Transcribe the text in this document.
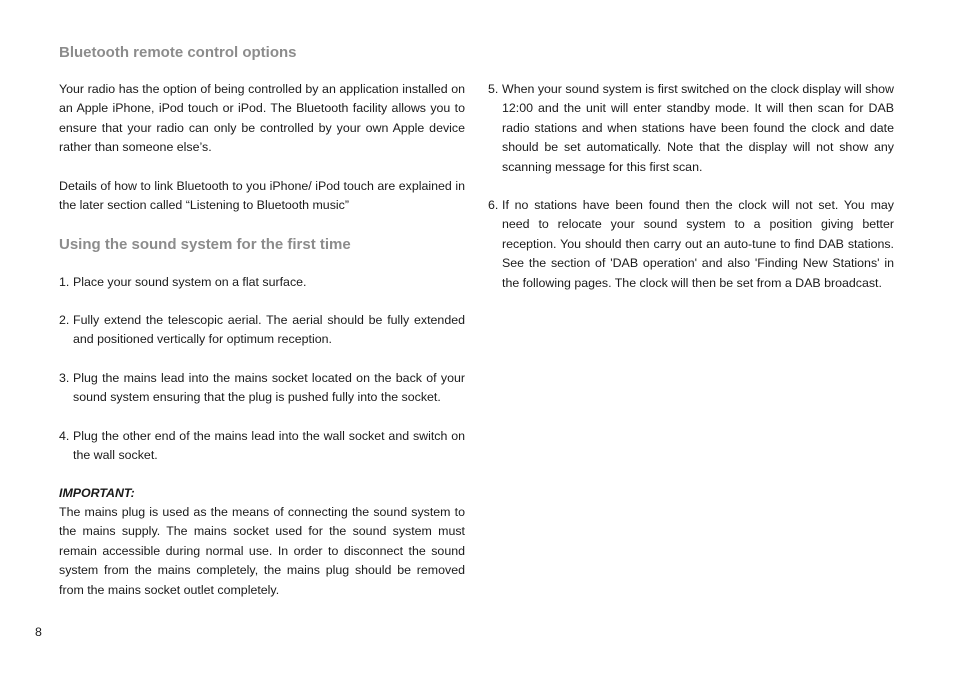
Bluetooth remote control options

Your radio has the option of being controlled by an application installed on an Apple iPhone, iPod touch or iPod. The Bluetooth facility allows you to ensure that your radio can only be controlled by your own Apple device rather than someone else’s.

Details of how to link Bluetooth to you iPhone/ iPod touch are explained in the later section called “Listening to Bluetooth music”

Using the sound system for the first time

1. Place your sound system on a flat surface.

2. Fully extend the telescopic aerial. The aerial should be fully extended and positioned vertically for optimum reception.

3. Plug the mains lead into the mains socket located on the back of your sound system ensuring that the plug is pushed fully into the socket.

4. Plug the other end of the mains lead into the wall socket and switch on the wall socket.

IMPORTANT:

The mains plug is used as the means of connecting the sound system to the mains supply. The mains socket used for the sound system must remain accessible during normal use. In order to disconnect the sound system from the mains completely, the mains plug should be removed from the mains socket outlet completely.

5. When your sound system is first switched on the clock display will show 12:00 and the unit will enter standby mode. It will then scan for DAB radio stations and when stations have been found the clock and date should be set automatically. Note that the display will not show any scanning message for this first scan.

6. If no stations have been found then the clock will not set. You may need to relocate your sound system to a position giving better reception. You should then carry out an auto-tune to find DAB stations. See the section of 'DAB operation' and also 'Finding New Stations' in the following pages. The clock will then be set from a DAB broadcast.

8
